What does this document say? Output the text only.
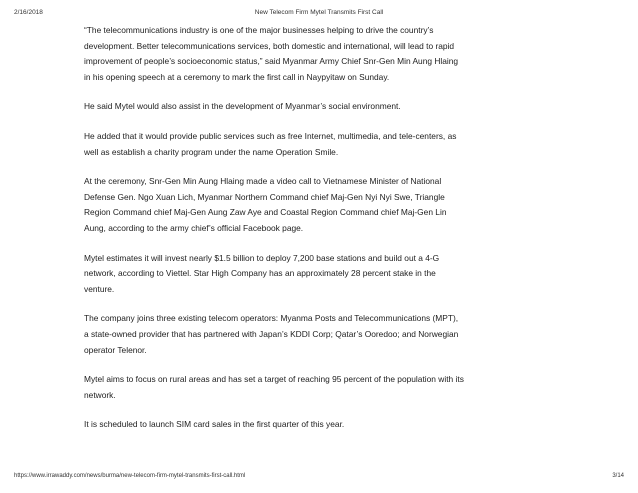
2/16/2018	New Telecom Firm Mytel Transmits First Call

“The telecommunications industry is one of the major businesses helping to drive the country’s development. Better telecommunications services, both domestic and international, will lead to rapid improvement of people’s socioeconomic status,” said Myanmar Army Chief Snr-Gen Min Aung Hlaing in his opening speech at a ceremony to mark the first call in Naypyitaw on Sunday.

He said Mytel would also assist in the development of Myanmar’s social environment.

He added that it would provide public services such as free Internet, multimedia, and tele-centers, as well as establish a charity program under the name Operation Smile.

At the ceremony, Snr-Gen Min Aung Hlaing made a video call to Vietnamese Minister of National Defense Gen. Ngo Xuan Lich, Myanmar Northern Command chief Maj-Gen Nyi Nyi Swe, Triangle Region Command chief Maj-Gen Aung Zaw Aye and Coastal Region Command chief Maj-Gen Lin Aung, according to the army chief’s official Facebook page.

Mytel estimates it will invest nearly $1.5 billion to deploy 7,200 base stations and build out a 4-G network, according to Viettel. Star High Company has an approximately 28 percent stake in the venture.

The company joins three existing telecom operators: Myanma Posts and Telecommunications (MPT), a state-owned provider that has partnered with Japan’s KDDI Corp; Qatar’s Ooredoo; and Norwegian operator Telenor.

Mytel aims to focus on rural areas and has set a target of reaching 95 percent of the population with its network.

It is scheduled to launch SIM card sales in the first quarter of this year.

https://www.irrawaddy.com/news/burma/new-telecom-firm-mytel-transmits-first-call.html	3/14
